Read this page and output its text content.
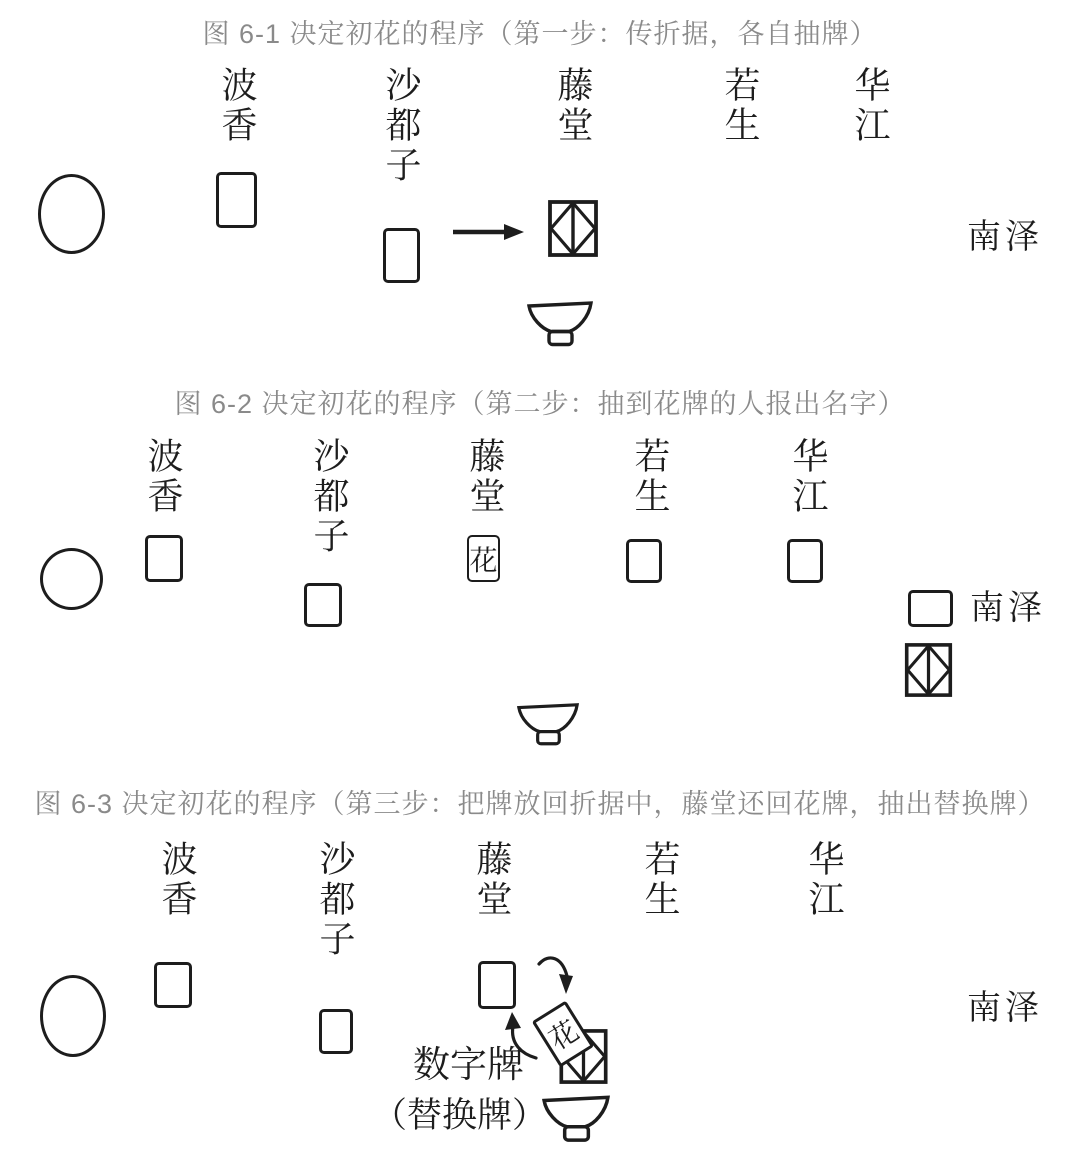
图 6-1 决定初花的程序（第一步：传折据，各自抽牌）
波香	沙都子	藤堂	若生	华江
南泽
图 6-2 决定初花的程序（第二步：抽到花牌的人报出名字）
波香	沙都子	藤堂	若生	华江
花
南泽
图 6-3 决定初花的程序（第三步：把牌放回折据中，藤堂还回花牌，抽出替换牌）
波香	沙都子	藤堂	若生	华江
花
数字牌
（替换牌）
南泽
